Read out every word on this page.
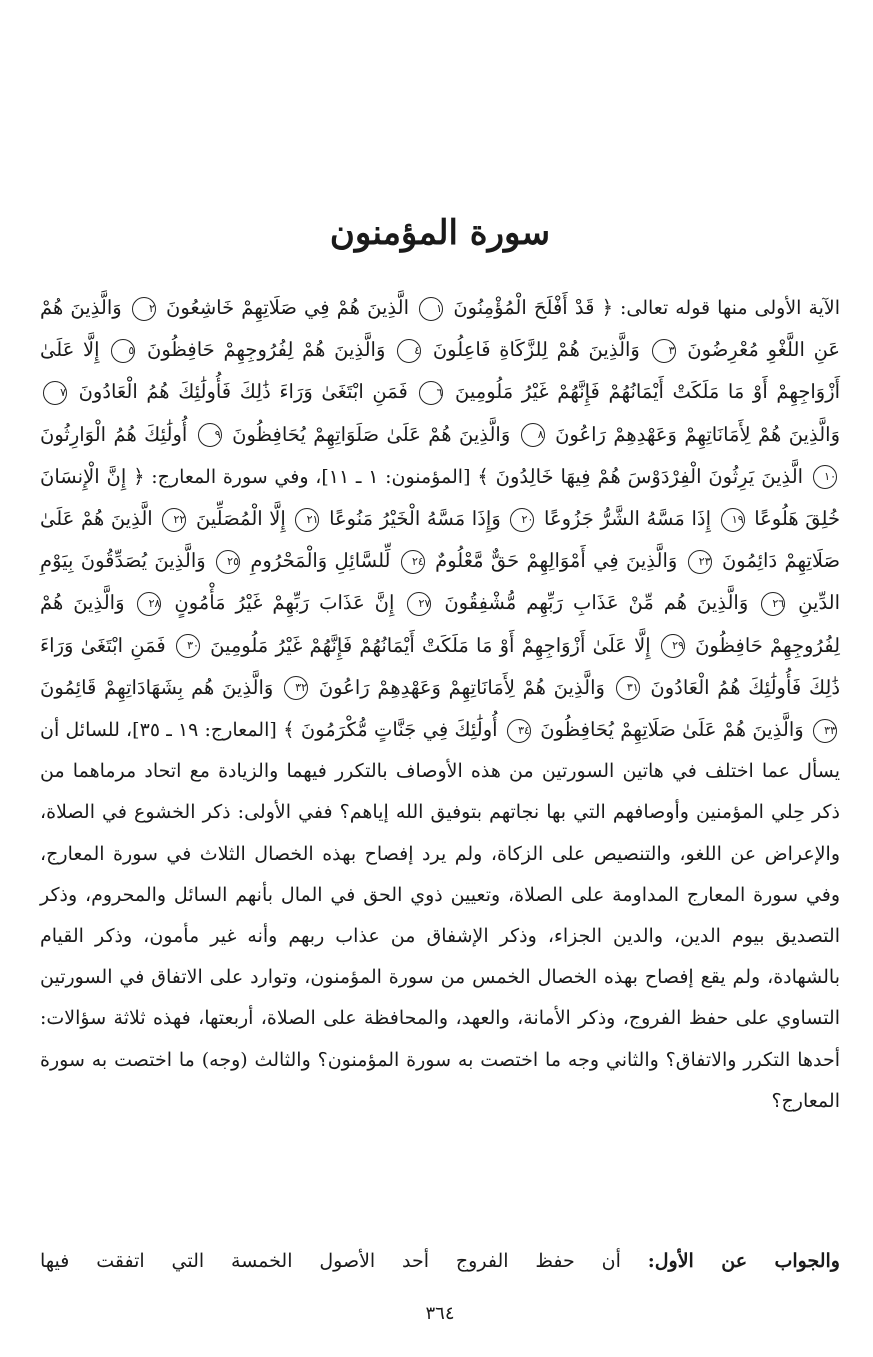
سورة المؤمنون

الآية الأولى منها قوله تعالى: ﴿ قَدْ أَفْلَحَ الْمُؤْمِنُونَ ١ الَّذِينَ هُمْ فِي صَلَاتِهِمْ خَاشِعُونَ ٢ وَالَّذِينَ هُمْ عَنِ اللَّغْوِ مُعْرِضُونَ ٣ وَالَّذِينَ هُمْ لِلزَّكَاةِ فَاعِلُونَ ٤ وَالَّذِينَ هُمْ لِفُرُوجِهِمْ حَافِظُونَ ٥ إِلَّا عَلَىٰ أَزْوَاجِهِمْ أَوْ مَا مَلَكَتْ أَيْمَانُهُمْ فَإِنَّهُمْ غَيْرُ مَلُومِينَ ٦ فَمَنِ ابْتَغَىٰ وَرَاءَ ذَٰلِكَ فَأُولَٰئِكَ هُمُ الْعَادُونَ ٧ وَالَّذِينَ هُمْ لِأَمَانَاتِهِمْ وَعَهْدِهِمْ رَاعُونَ ٨ وَالَّذِينَ هُمْ عَلَىٰ صَلَوَاتِهِمْ يُحَافِظُونَ ٩ أُولَٰئِكَ هُمُ الْوَارِثُونَ ١٠ الَّذِينَ يَرِثُونَ الْفِرْدَوْسَ هُمْ فِيهَا خَالِدُونَ ﴾ [المؤمنون: ١ ـ ١١]، وفي سورة المعارج: ﴿ إِنَّ الْإِنسَانَ خُلِقَ هَلُوعًا ١٩ إِذَا مَسَّهُ الشَّرُّ جَزُوعًا ٢٠ وَإِذَا مَسَّهُ الْخَيْرُ مَنُوعًا ٢١ إِلَّا الْمُصَلِّينَ ٢٢ الَّذِينَ هُمْ عَلَىٰ صَلَاتِهِمْ دَائِمُونَ ٢٣ وَالَّذِينَ فِي أَمْوَالِهِمْ حَقٌّ مَّعْلُومٌ ٢٤ لِّلسَّائِلِ وَالْمَحْرُومِ ٢٥ وَالَّذِينَ يُصَدِّقُونَ بِيَوْمِ الدِّينِ ٢٦ وَالَّذِينَ هُم مِّنْ عَذَابِ رَبِّهِم مُّشْفِقُونَ ٢٧ إِنَّ عَذَابَ رَبِّهِمْ غَيْرُ مَأْمُونٍ ٢٨ وَالَّذِينَ هُمْ لِفُرُوجِهِمْ حَافِظُونَ ٢٩ إِلَّا عَلَىٰ أَزْوَاجِهِمْ أَوْ مَا مَلَكَتْ أَيْمَانُهُمْ فَإِنَّهُمْ غَيْرُ مَلُومِينَ ٣٠ فَمَنِ ابْتَغَىٰ وَرَاءَ ذَٰلِكَ فَأُولَٰئِكَ هُمُ الْعَادُونَ ٣١ وَالَّذِينَ هُمْ لِأَمَانَاتِهِمْ وَعَهْدِهِمْ رَاعُونَ ٣٢ وَالَّذِينَ هُم بِشَهَادَاتِهِمْ قَائِمُونَ ٣٣ وَالَّذِينَ هُمْ عَلَىٰ صَلَاتِهِمْ يُحَافِظُونَ ٣٤ أُولَٰئِكَ فِي جَنَّاتٍ مُّكْرَمُونَ ﴾ [المعارج: ١٩ ـ ٣٥]، للسائل أن يسأل عما اختلف في هاتين السورتين من هذه الأوصاف بالتكرر فيهما والزيادة مع اتحاد مرماهما من ذكر حِلي المؤمنين وأوصافهم التي بها نجاتهم بتوفيق الله إياهم؟ ففي الأولى: ذكر الخشوع في الصلاة، والإعراض عن اللغو، والتنصيص على الزكاة، ولم يرد إفصاح بهذه الخصال الثلاث في سورة المعارج، وفي سورة المعارج المداومة على الصلاة، وتعيين ذوي الحق في المال بأنهم السائل والمحروم، وذكر التصديق بيوم الدين، والدين الجزاء، وذكر الإشفاق من عذاب ربهم وأنه غير مأمون، وذكر القيام بالشهادة، ولم يقع إفصاح بهذه الخصال الخمس من سورة المؤمنون، وتوارد على الاتفاق في السورتين التساوي على حفظ الفروج، وذكر الأمانة، والعهد، والمحافظة على الصلاة، أربعتها، فهذه ثلاثة سؤالات: أحدها التكرر والاتفاق؟ والثاني وجه ما اختصت به سورة المؤمنون؟ والثالث (وجه) ما اختصت به سورة المعارج؟

والجواب عن الأول: أن حفظ الفروج أحد الأصول الخمسة التي اتفقت فيها

٣٦٤
